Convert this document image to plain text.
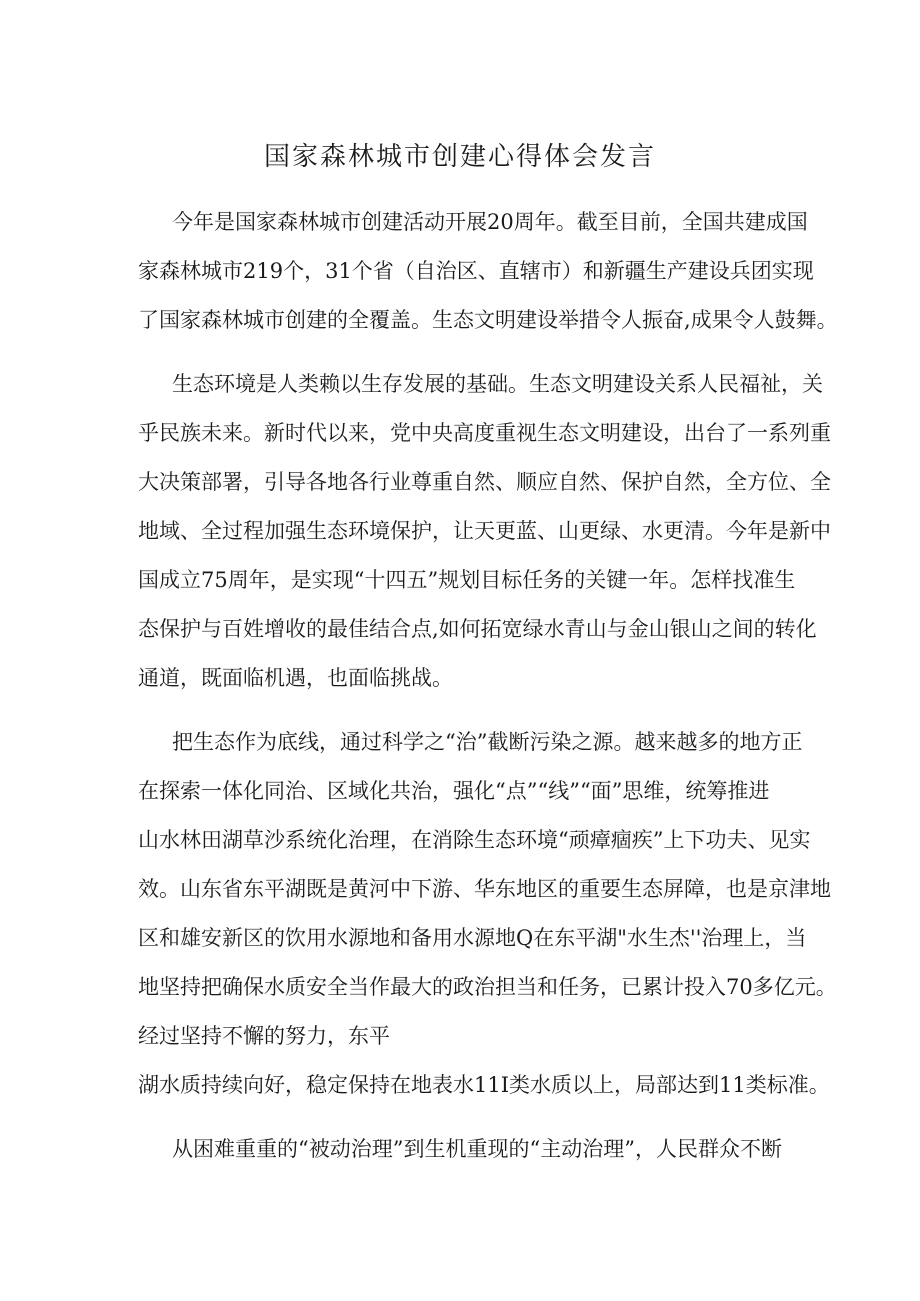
国家森林城市创建心得体会发言
今年是国家森林城市创建活动开展20周年。截至目前，全国共建成国
家森林城市219个，31个省（自治区、直辖市）和新疆生产建设兵团实现
了国家森林城市创建的全覆盖。生态文明建设举措令人振奋,成果令人鼓舞。
生态环境是人类赖以生存发展的基础。生态文明建设关系人民福祉，关
乎民族未来。新时代以来，党中央高度重视生态文明建设，出台了一系列重
大决策部署，引导各地各行业尊重自然、顺应自然、保护自然，全方位、全
地域、全过程加强生态环境保护，让天更蓝、山更绿、水更清。今年是新中
国成立75周年，是实现“十四五”规划目标任务的关键一年。怎样找准生
态保护与百姓增收的最佳结合点,如何拓宽绿水青山与金山银山之间的转化
通道，既面临机遇，也面临挑战。
把生态作为底线，通过科学之“治”截断污染之源。越来越多的地方正
在探索一体化同治、区域化共治，强化“点”“线”“面”思维，统筹推进
山水林田湖草沙系统化治理，在消除生态环境“顽瘴痼疾”上下功夫、见实
效。山东省东平湖既是黄河中下游、华东地区的重要生态屏障，也是京津地
区和雄安新区的饮用水源地和备用水源地Q在东平湖"水生杰''治理上，当
地坚持把确保水质安全当作最大的政治担当和任务，已累计投入70多亿元。
经过坚持不懈的努力，东平
湖水质持续向好，稳定保持在地表水11I类水质以上，局部达到11类标准。
从困难重重的“被动治理”到生机重现的“主动治理”，人民群众不断
